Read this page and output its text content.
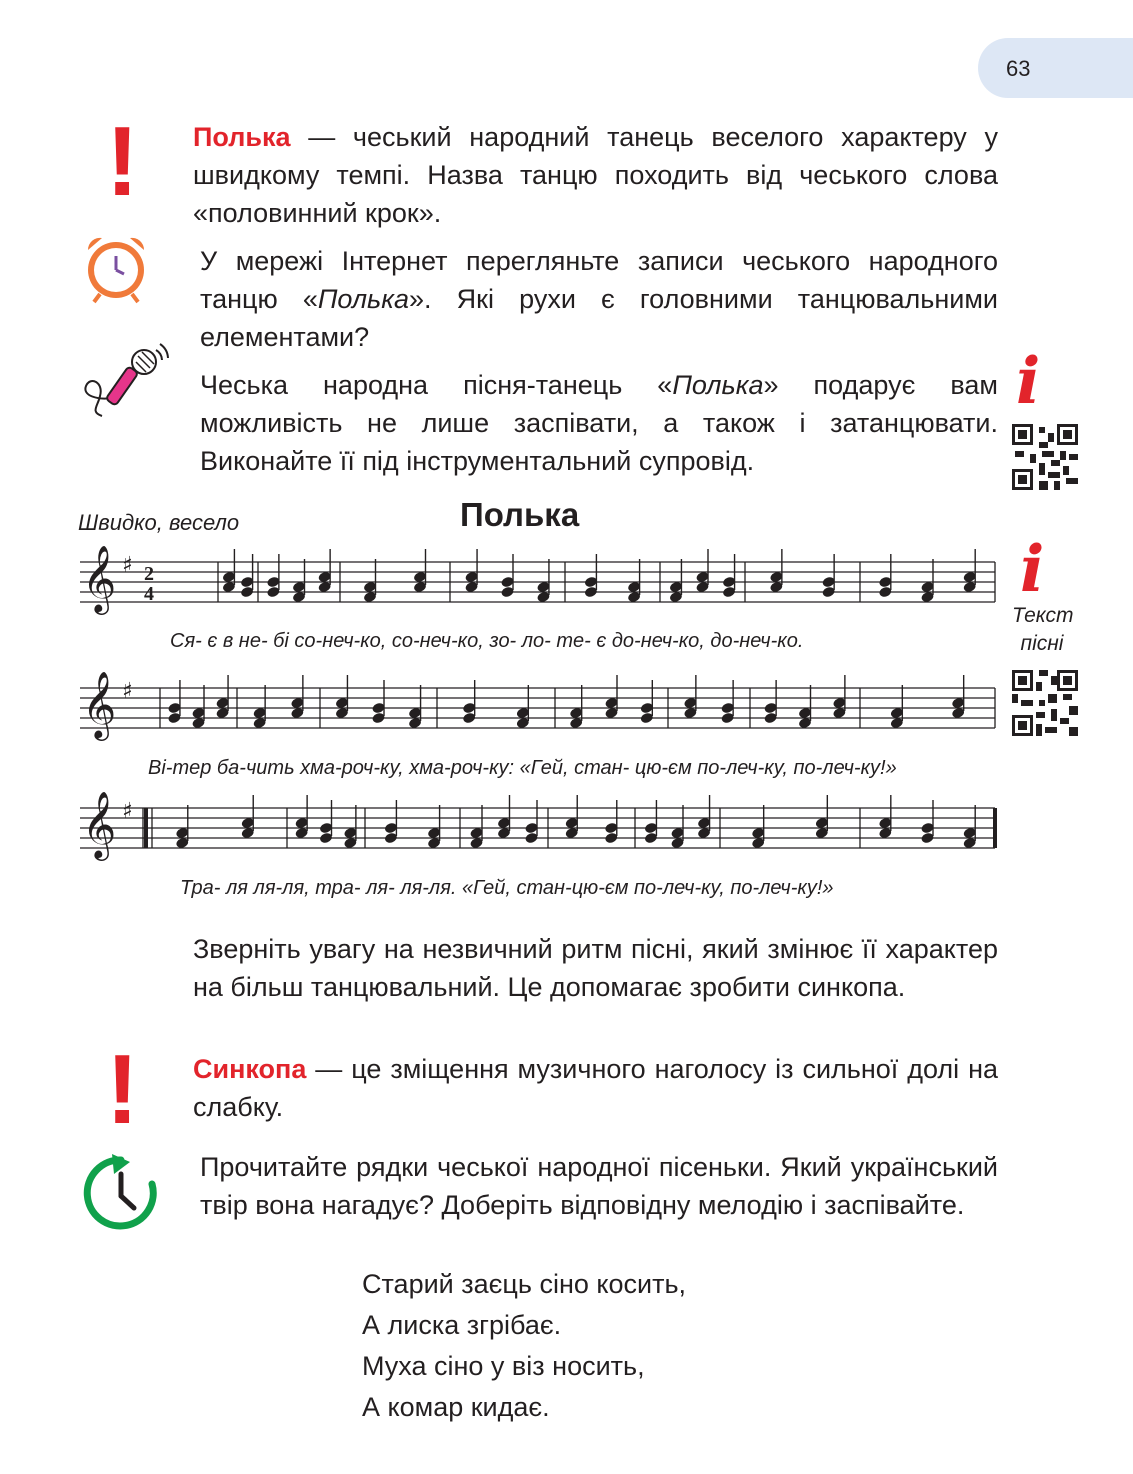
63
! Полька — чеський народний танець веселого характеру у швидкому темпі. Назва танцю походить від чеського слова «половинний крок».
У мережі Інтернет перегляньте записи чеського народного танцю «Полька». Які рухи є головними танцювальними елементами?
Чеська народна пісня-танець «Полька» подарує вам можливість не лише заспівати, а також і затанцювати. Виконайте її під інструментальний супровід.
i
Швидко, весело	Полька
i
Текст
пісні
𝄞 ♯ 2
4
𝄞 ♯
𝄞 ♯
Ся- є в не- бі со-неч-ко, со-неч-ко, зо- ло- те- є до-неч-ко, до-неч-ко.
Ві-тер ба-чить хма-роч-ку, хма-роч-ку: «Гей, стан- цю-єм по-леч-ку, по-леч-ку!»
Тра- ля ля-ля, тра- ля- ля-ля. «Гей, стан-цю-єм по-леч-ку, по-леч-ку!»
Зверніть увагу на незвичний ритм пісні, який змінює її характер на більш танцювальний. Це допомагає зробити синкопа.
! Синкопа — це зміщення музичного наголосу із сильної долі на слабку.
Прочитайте рядки чеської народної пісеньки. Який український твір вона нагадує? Доберіть відповідну мелодію і заспівайте.
Старий заєць сіно косить,
А лиска згрібає.
Муха сіно у віз носить,
А комар кидає.
